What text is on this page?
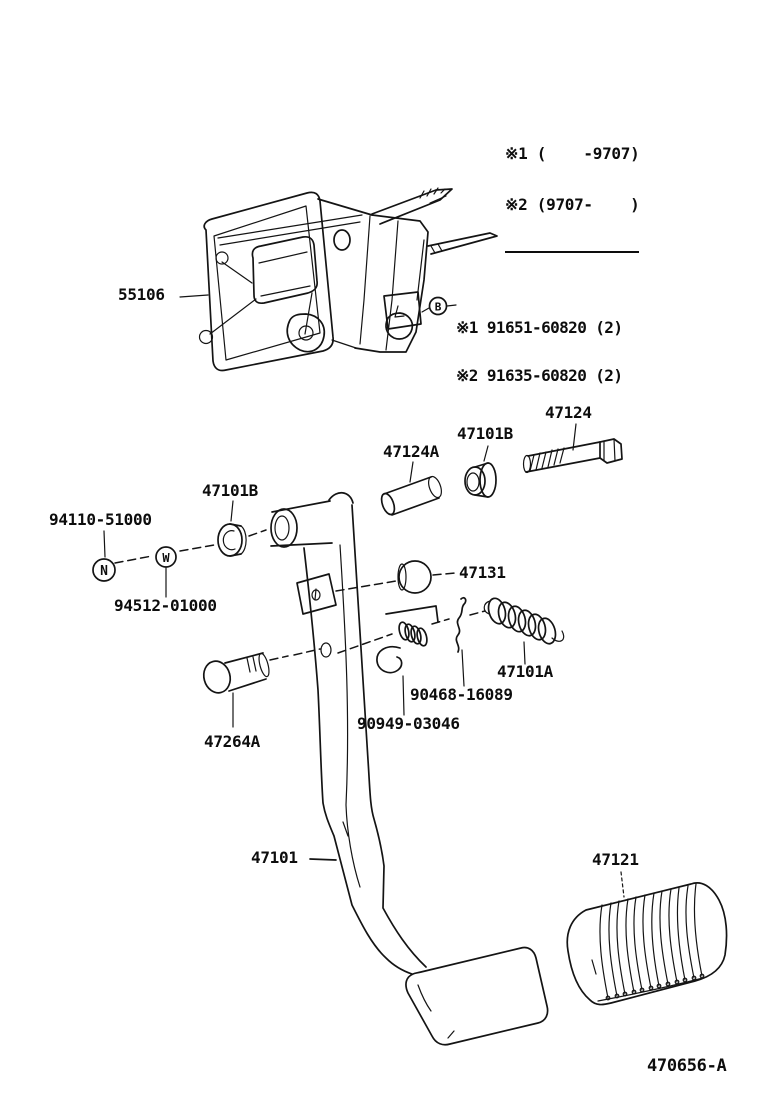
N
W
B

※1 (    -9707)

※2 (9707-    )

※1 91651-60820 (2)

※2 91635-60820 (2)

55106
47124
47101B
47124A
47101B
94110-51000
94512-01000
47131
47101A
90468-16089
90949-03046
47264A
47101	47121
470656-A
